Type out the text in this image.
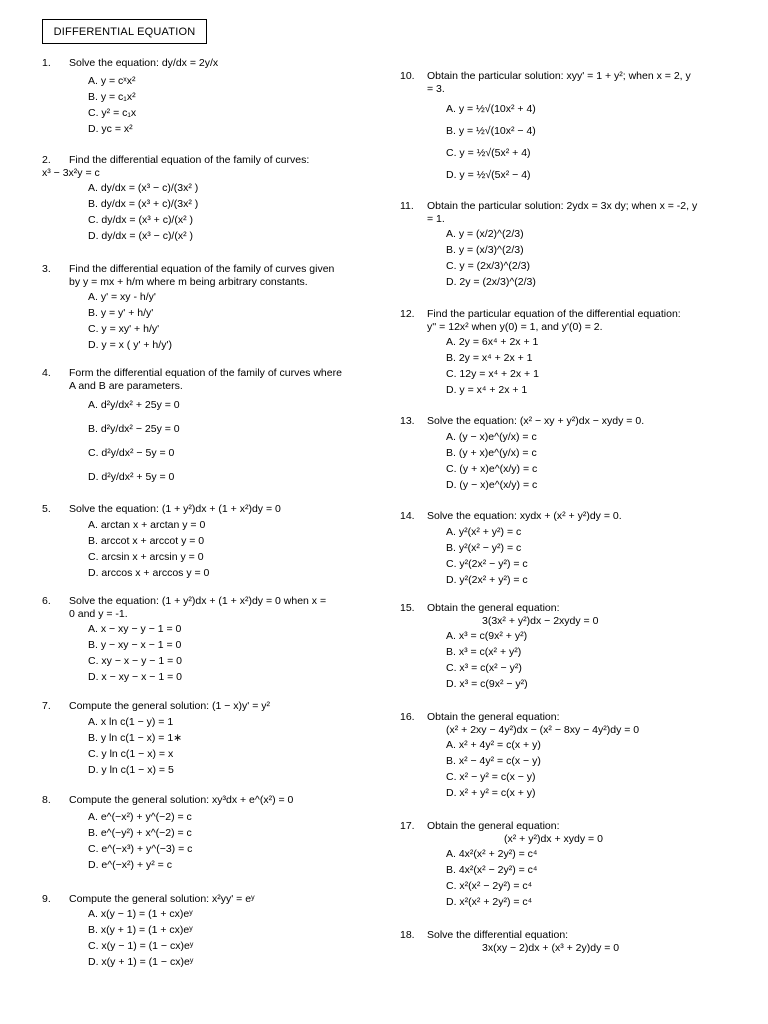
DIFFERENTIAL EQUATION
1. Solve the equation: dy/dx = 2y/x
A. y = cˣx²
B. y = c₁x²
C. y² = c₁x
D. yc = x²
2. Find the differential equation of the family of curves:
x³ − 3x²y = c
A. dy/dx = (x³ − c)/(3x² )
B. dy/dx = (x³ + c)/(3x² )
C. dy/dx = (x³ + c)/(x² )
D. dy/dx = (x³ − c)/(x² )
3. Find the differential equation of the family of curves given
by y = mx + h/m where m being arbitrary constants.
A. y' = xy - h/y'
B. y = y' + h/y'
C. y = xy' + h/y'
D. y = x ( y' + h/y')
4. Form the differential equation of the family of curves where
A and B are parameters.
A. d²y/dx² + 25y = 0
B. d²y/dx² − 25y = 0
C. d²y/dx² − 5y = 0
D. d²y/dx² + 5y = 0
5. Solve the equation: (1 + y²)dx + (1 + x²)dy = 0
A. arctan x + arctan y = 0
B. arccot x + arccot y = 0
C. arcsin x + arcsin y = 0
D. arccos x + arccos y = 0
6. Solve the equation: (1 + y²)dx + (1 + x²)dy = 0 when x =
0 and y = -1.
A. x − xy − y − 1 = 0
B. y − xy − x − 1 = 0
C. xy − x − y − 1 = 0
D. x − xy − x − 1 = 0
7. Compute the general solution: (1 − x)y' = y²
A. x ln c(1 − y) = 1
B. y ln c(1 − x) = 1∗
C. y ln c(1 − x) = x
D. y ln c(1 − x) = 5
8. Compute the general solution: xy³dx + e^(x²) = 0
A. e^(−x²) + y^(−2) = c
B. e^(−y²) + x^(−2) = c
C. e^(−x³) + y^(−3) = c
D. e^(−x²) + y² = c
9. Compute the general solution: x²yy' = eʸ
A. x(y − 1) = (1 + cx)eʸ
B. x(y + 1) = (1 + cx)eʸ
C. x(y − 1) = (1 − cx)eʸ
D. x(y + 1) = (1 − cx)eʸ
10. Obtain the particular solution: xyy' = 1 + y²; when x = 2, y
= 3.
A. y = ½√(10x² + 4)
B. y = ½√(10x² − 4)
C. y = ½√(5x² + 4)
D. y = ½√(5x² − 4)
11. Obtain the particular solution: 2ydx = 3x dy; when x = -2, y
= 1.
A. y = (x/2)^(2/3)
B. y = (x/3)^(2/3)
C. y = (2x/3)^(2/3)
D. 2y = (2x/3)^(2/3)
12. Find the particular equation of the differential equation:
y'' = 12x² when y(0) = 1, and y'(0) = 2.
A. 2y = 6x⁴ + 2x + 1
B. 2y = x⁴ + 2x + 1
C. 12y = x⁴ + 2x + 1
D. y = x⁴ + 2x + 1
13. Solve the equation: (x² − xy + y²)dx − xydy = 0.
A. (y − x)e^(y/x) = c
B. (y + x)e^(y/x) = c
C. (y + x)e^(x/y) = c
D. (y − x)e^(x/y) = c
14. Solve the equation: xydx + (x² + y²)dy = 0.
A. y²(x² + y²) = c
B. y²(x² − y²) = c
C. y²(2x² − y²) = c
D. y²(2x² + y²) = c
15. Obtain the general equation:
3(3x² + y²)dx − 2xydy = 0
A. x³ = c(9x² + y²)
B. x³ = c(x² + y²)
C. x³ = c(x² − y²)
D. x³ = c(9x² − y²)
16. Obtain the general equation:
(x² + 2xy − 4y²)dx − (x² − 8xy − 4y²)dy = 0
A. x² + 4y² = c(x + y)
B. x² − 4y² = c(x − y)
C. x² − y² = c(x − y)
D. x² + y² = c(x + y)
17. Obtain the general equation:
(x² + y²)dx + xydy = 0
A. 4x²(x² + 2y²) = c⁴
B. 4x²(x² − 2y²) = c⁴
C. x²(x² − 2y²) = c⁴
D. x²(x² + 2y²) = c⁴
18. Solve the differential equation:
3x(xy − 2)dx + (x³ + 2y)dy = 0
